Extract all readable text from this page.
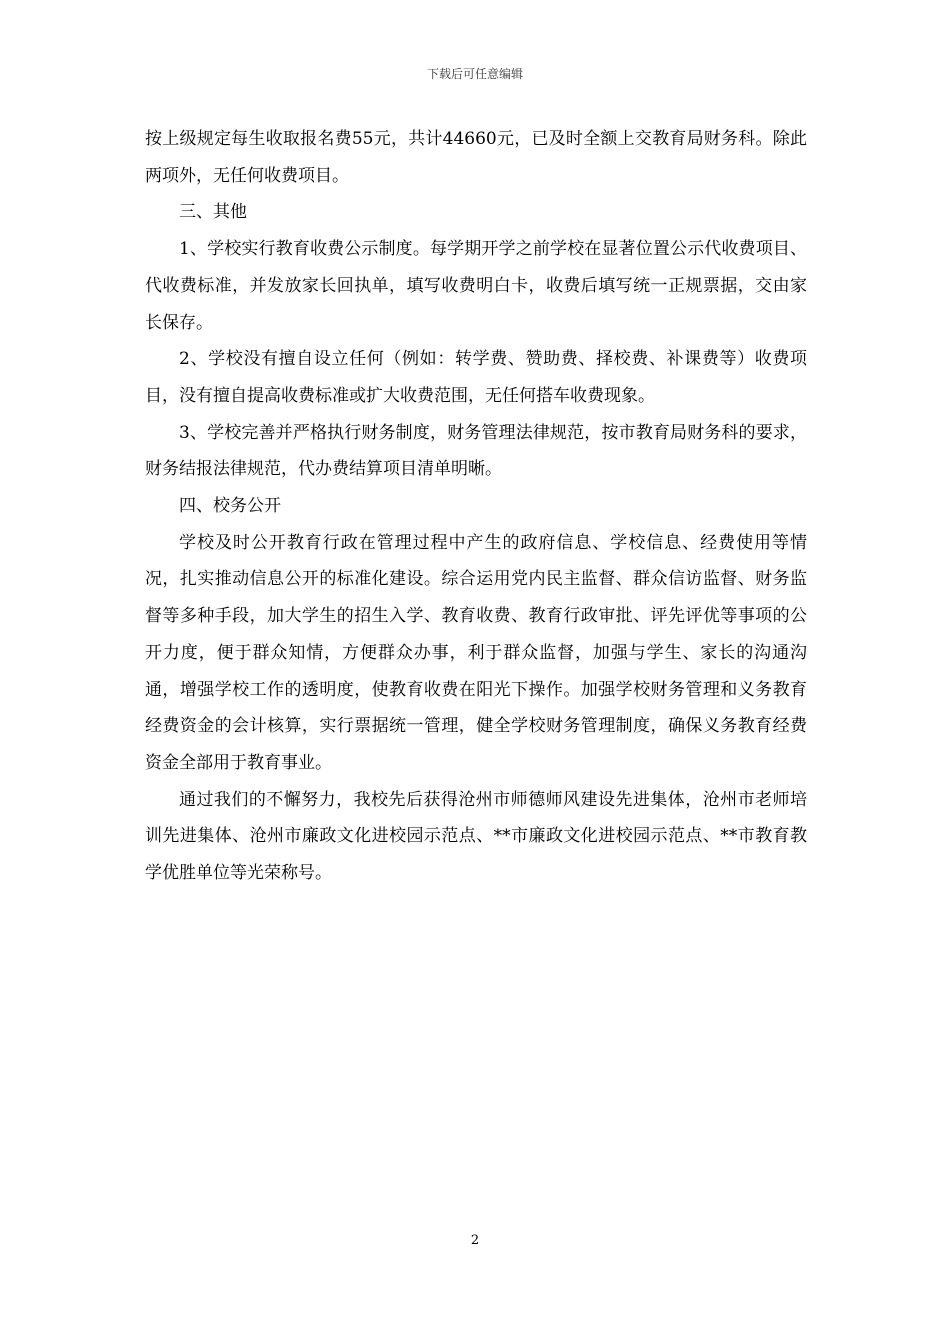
下载后可任意编辑

按上级规定每生收取报名费55元，共计44660元，已及时全额上交教育局财务科。除此两项外，无任何收费项目。

三、其他

1、学校实行教育收费公示制度。每学期开学之前学校在显著位置公示代收费项目、代收费标准，并发放家长回执单，填写收费明白卡，收费后填写统一正规票据，交由家长保存。

2、学校没有擅自设立任何（例如：转学费、赞助费、择校费、补课费等）收费项目，没有擅自提高收费标准或扩大收费范围，无任何搭车收费现象。

3、学校完善并严格执行财务制度，财务管理法律规范，按市教育局财务科的要求，财务结报法律规范，代办费结算项目清单明晰。

四、校务公开

学校及时公开教育行政在管理过程中产生的政府信息、学校信息、经费使用等情况，扎实推动信息公开的标准化建设。综合运用党内民主监督、群众信访监督、财务监督等多种手段，加大学生的招生入学、教育收费、教育行政审批、评先评优等事项的公开力度，便于群众知情，方便群众办事，利于群众监督，加强与学生、家长的沟通沟通，增强学校工作的透明度，使教育收费在阳光下操作。加强学校财务管理和义务教育经费资金的会计核算，实行票据统一管理，健全学校财务管理制度，确保义务教育经费资金全部用于教育事业。

通过我们的不懈努力，我校先后获得沧州市师德师风建设先进集体，沧州市老师培训先进集体、沧州市廉政文化进校园示范点、**市廉政文化进校园示范点、**市教育教学优胜单位等光荣称号。

2
